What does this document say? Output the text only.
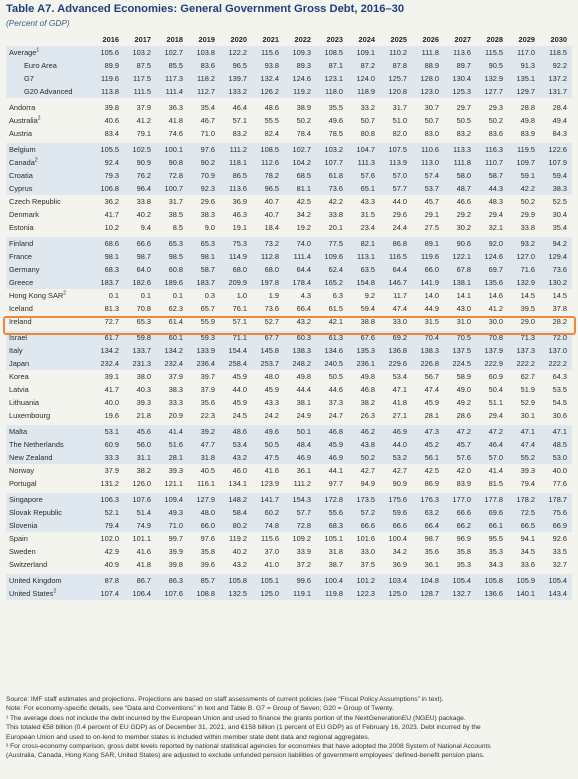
Table A7. Advanced Economies: General Government Gross Debt, 2016–30
(Percent of GDP)
	2016	2017	2018	2019	2020	2021	2022	2023	2024	2025	2026	2027	2028	2029	2030
Average$^1$	105.6	103.2	102.7	103.8	122.2	115.6	109.3	108.5	109.1	110.2	111.8	113.6	115.5	117.0	118.5
Euro Area	89.9	87.5	85.5	83.6	96.5	93.8	89.3	87.1	87.2	87.8	88.9	89.7	90.5	91.3	92.2
G7	119.6	117.5	117.3	118.2	139.7	132.4	124.6	123.1	124.0	125.7	128.0	130.4	132.9	135.1	137.2
G20 Advanced	113.8	111.5	111.4	112.7	133.2	126.2	119.2	118.0	118.9	120.8	123.0	125.3	127.7	129.7	131.7
Andorra	39.8	37.9	36.3	35.4	46.4	48.6	38.9	35.5	33.2	31.7	30.7	29.7	29.3	28.8	28.4
Australia$^2$	40.6	41.2	41.8	46.7	57.1	55.5	50.2	49.6	50.7	51.0	50.7	50.5	50.2	49.8	49.4
Austria	83.4	79.1	74.6	71.0	83.2	82.4	78.4	78.5	80.8	82.0	83.0	83.2	83.6	83.9	84.3
Belgium	105.5	102.5	100.1	97.6	111.2	108.5	102.7	103.2	104.7	107.5	110.6	113.3	116.3	119.5	122.6
Canada$^2$	92.4	90.9	90.8	90.2	118.1	112.6	104.2	107.7	111.3	113.9	113.0	111.8	110.7	109.7	107.9
Croatia	79.3	76.2	72.8	70.9	86.5	78.2	68.5	61.8	57.6	57.0	57.4	58.0	58.7	59.1	59.4
Cyprus	106.8	96.4	100.7	92.3	113.6	96.5	81.1	73.6	65.1	57.7	53.7	48.7	44.3	42.2	38.3
Czech Republic	36.2	33.8	31.7	29.6	36.9	40.7	42.5	42.2	43.3	44.0	45.7	46.6	48.3	50.2	52.5
Denmark	41.7	40.2	38.5	38.3	46.3	40.7	34.2	33.8	31.5	29.6	29.1	29.2	29.4	29.9	30.4
Estonia	10.2	9.4	8.5	9.0	19.1	18.4	19.2	20.1	23.4	24.4	27.5	30.2	32.1	33.8	35.4
Finland	68.6	66.6	65.3	65.3	75.3	73.2	74.0	77.5	82.1	86.8	89.1	90.6	92.0	93.2	94.2
France	98.1	98.7	98.5	98.1	114.9	112.8	111.4	109.6	113.1	116.5	119.6	122.1	124.6	127.0	129.4
Germany	68.3	64.0	60.8	58.7	68.0	68.0	64.4	62.4	63.5	64.4	66.0	67.8	69.7	71.6	73.6
Greece	183.7	182.6	189.6	183.7	209.9	197.8	178.4	165.2	154.8	146.7	141.9	138.1	135.6	132.9	130.2
Hong Kong SAR$^2$	0.1	0.1	0.1	0.3	1.0	1.9	4.3	6.3	9.2	11.7	14.0	14.1	14.6	14.5	14.5
Iceland	81.3	70.8	62.3	65.7	76.1	73.6	66.4	61.5	59.4	47.4	44.9	43.0	41.2	39.5	37.8
Ireland	72.7	65.3	61.4	55.9	57.1	52.7	43.2	42.1	38.8	33.0	31.5	31.0	30.0	29.0	28.2
Israel	61.7	59.8	60.1	59.3	71.1	67.7	60.3	61.3	67.6	69.2	70.4	70.5	70.8	71.3	72.0
Italy	134.2	133.7	134.2	133.9	154.4	145.8	138.3	134.6	135.3	136.8	138.3	137.5	137.9	137.3	137.0
Japan	232.4	231.3	232.4	236.4	258.4	253.7	248.2	240.5	236.1	229.6	226.8	224.5	222.9	222.2	222.2
Korea	39.1	38.0	37.9	39.7	45.9	48.0	49.8	50.5	49.8	53.4	56.7	58.9	60.9	62.7	64.3
Latvia	41.7	40.3	38.3	37.9	44.0	45.9	44.4	44.6	46.8	47.1	47.4	49.0	50.4	51.9	53.5
Lithuania	40.0	39.3	33.3	35.6	45.9	43.3	38.1	37.3	38.2	41.8	45.9	49.2	51.1	52.9	54.5
Luxembourg	19.6	21.8	20.9	22.3	24.5	24.2	24.9	24.7	26.3	27.1	28.1	28.6	29.4	30.1	30.6
Malta	53.1	45.6	41.4	39.2	48.6	49.6	50.1	46.8	46.2	46.9	47.3	47.2	47.2	47.1	47.1
The Netherlands	60.9	56.0	51.6	47.7	53.4	50.5	48.4	45.9	43.8	44.0	45.2	45.7	46.4	47.4	48.5
New Zealand	33.3	31.1	28.1	31.8	43.2	47.5	46.9	46.9	50.2	53.2	56.1	57.6	57.0	55.2	53.0
Norway	37.9	38.2	39.3	40.5	46.0	41.6	36.1	44.1	42.7	42.7	42.5	42.0	41.4	39.3	40.0
Portugal	131.2	126.0	121.1	116.1	134.1	123.9	111.2	97.7	94.9	90.9	86.9	83.9	81.5	79.4	77.6
Singapore	106.3	107.6	109.4	127.9	148.2	141.7	154.3	172.8	173.5	175.6	176.3	177.0	177.8	178.2	178.7
Slovak Republic	52.1	51.4	49.3	48.0	58.4	60.2	57.7	55.6	57.2	59.6	63.2	66.6	69.6	72.5	75.6
Slovenia	79.4	74.9	71.0	66.0	80.2	74.8	72.8	68.3	66.6	66.6	66.4	66.2	66.1	66.5	66.9
Spain	102.0	101.1	99.7	97.6	119.2	115.6	109.2	105.1	101.6	100.4	98.7	96.9	95.5	94.1	92.6
Sweden	42.9	41.6	39.9	35.8	40.2	37.0	33.9	31.8	33.0	34.2	35.6	35.8	35.3	34.5	33.5
Switzerland	40.9	41.8	39.8	39.6	43.2	41.0	37.2	38.7	37.5	36.9	36.1	35.3	34.3	33.6	32.7
United Kingdom	87.8	86.7	86.3	85.7	105.8	105.1	99.6	100.4	101.2	103.4	104.8	105.4	105.8	105.9	105.4
United States$^2$	107.4	106.4	107.6	108.8	132.5	125.0	119.1	119.8	122.3	125.0	128.7	132.7	136.6	140.1	143.4

Source: IMF staff estimates and projections. Projections are based on staff assessments of current policies (see “Fiscal Policy Assumptions” in text).

Note: For economy-specific details, see “Data and Conventions” in text and Table B. G7 = Group of Seven; G20 = Group of Twenty.

¹ The average does not include the debt incurred by the European Union and used to finance the grants portion of the NextGenerationEU (NGEU) package.

This totaled €58 billion (0.4 percent of EU GDP) as of December 31, 2021, and €158 billion (1 percent of EU GDP) as of February 16, 2023. Debt incurred by the

European Union and used to on-lend to member states is included within member state debt data and regional aggregates.

² For cross-economy comparison, gross debt levels reported by national statistical agencies for economies that have adopted the 2008 System of National Accounts

(Australia, Canada, Hong Kong SAR, United States) are adjusted to exclude unfunded pension liabilities of government employees’ defined-benefit pension plans.
